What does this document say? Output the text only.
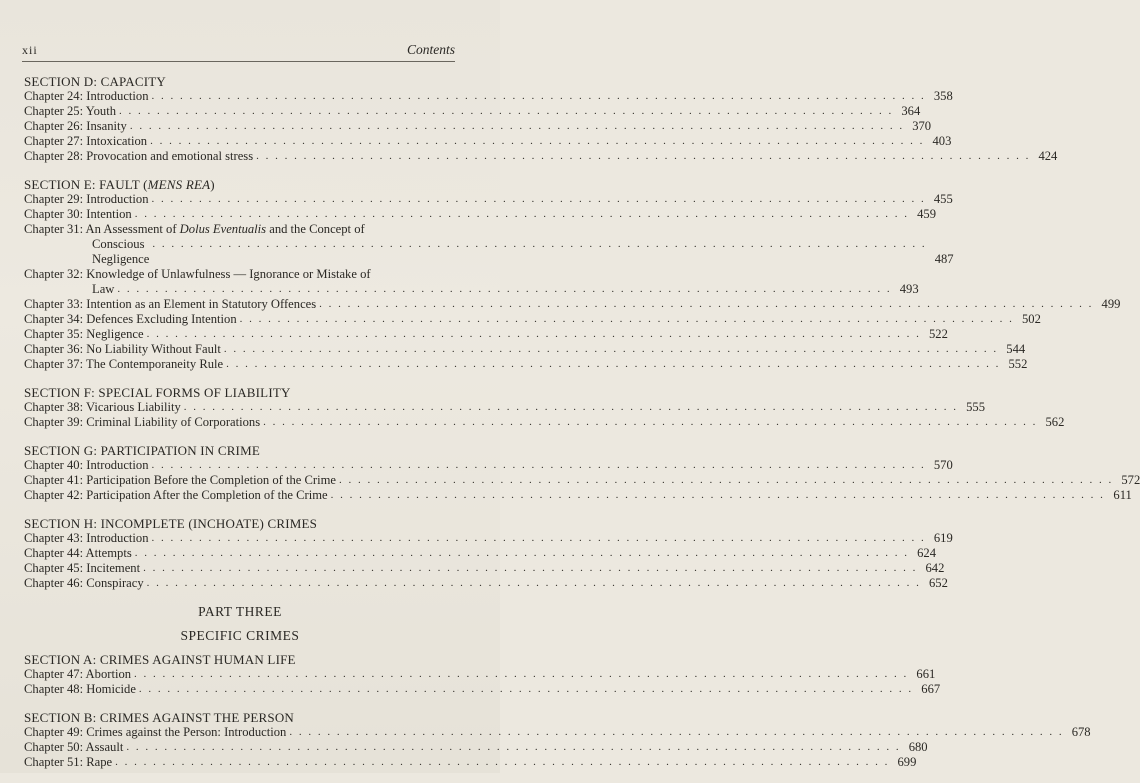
xii	Contents

SECTION D: CAPACITY

Chapter 24: Introduction . . .	358
Chapter 25: Youth . . .	364
Chapter 26: Insanity . . .	370
Chapter 27: Intoxication . . .	403
Chapter 28: Provocation and emotional stress . . .	424

SECTION E: FAULT (MENS REA)

Chapter 29: Introduction . . .	455
Chapter 30: Intention . . .	459
Chapter 31: An Assessment of Dolus Eventualis and the Concept of
Conscious Negligence . . .	487
Chapter 32: Knowledge of Unlawfulness — Ignorance or Mistake of
Law . . .	493
Chapter 33: Intention as an Element in Statutory Offences . . .	499
Chapter 34: Defences Excluding Intention . . .	502
Chapter 35: Negligence . . .	522
Chapter 36: No Liability Without Fault . . .	544
Chapter 37: The Contemporaneity Rule . . .	552

SECTION F: SPECIAL FORMS OF LIABILITY

Chapter 38: Vicarious Liability . . .	555
Chapter 39: Criminal Liability of Corporations . . .	562

SECTION G: PARTICIPATION IN CRIME

Chapter 40: Introduction . . .	570
Chapter 41: Participation Before the Completion of the Crime . . .	572
Chapter 42: Participation After the Completion of the Crime . . .	611

SECTION H: INCOMPLETE (INCHOATE) CRIMES

Chapter 43: Introduction . . .	619
Chapter 44: Attempts . . .	624
Chapter 45: Incitement . . .	642
Chapter 46: Conspiracy . . .	652
PART THREE
SPECIFIC CRIMES

SECTION A: CRIMES AGAINST HUMAN LIFE

Chapter 47: Abortion . . .	661
Chapter 48: Homicide . . .	667

SECTION B: CRIMES AGAINST THE PERSON

Chapter 49: Crimes against the Person: Introduction . . .	678
Chapter 50: Assault . . .	680
Chapter 51: Rape . . .	699
